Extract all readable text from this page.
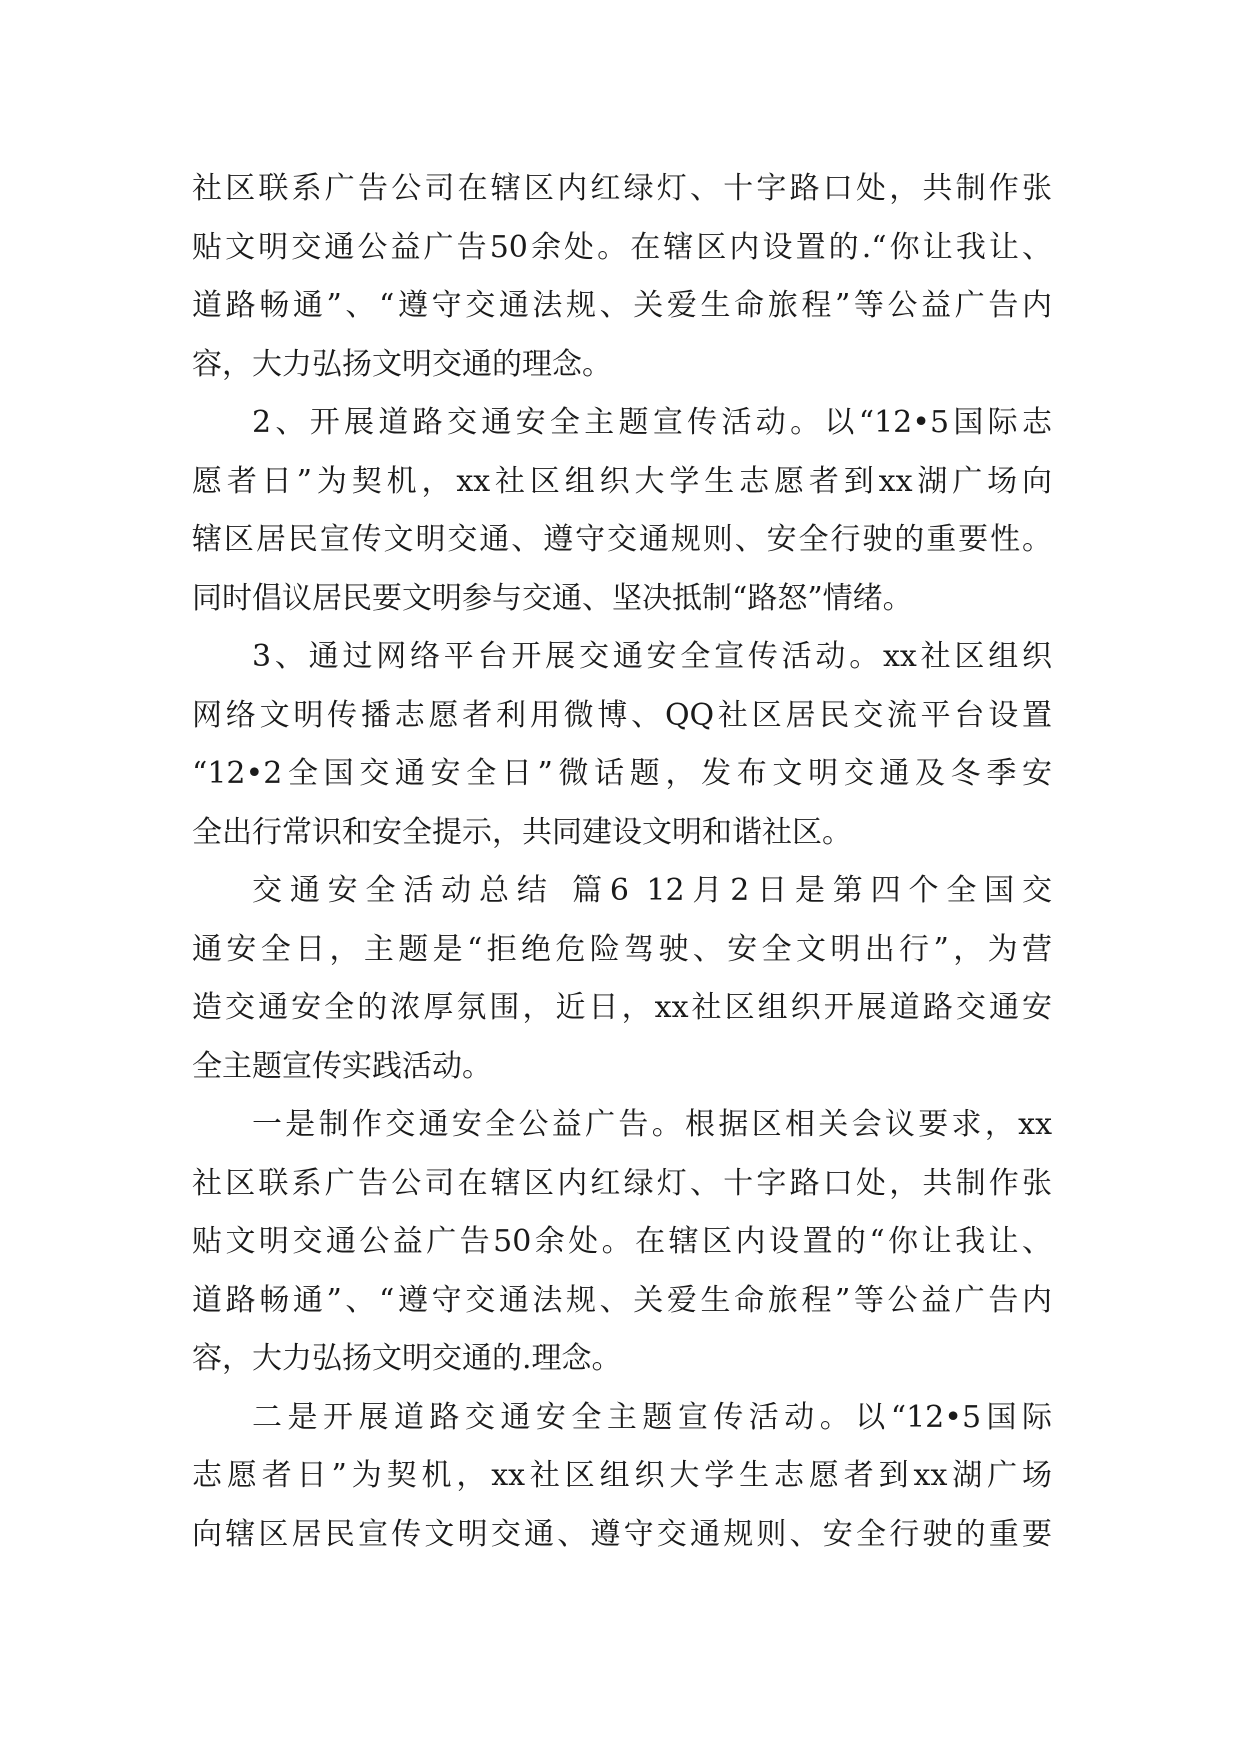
社区联系广告公司在辖区内红绿灯、十字路口处，共制作张
贴文明交通公益广告50余处。在辖区内设置的.“你让我让、
道路畅通”、“遵守交通法规、关爱生命旅程”等公益广告内
容，大力弘扬文明交通的理念。
2、开展道路交通安全主题宣传活动。以“12•5国际志
愿者日”为契机，xx社区组织大学生志愿者到xx湖广场向
辖区居民宣传文明交通、遵守交通规则、安全行驶的重要性。
同时倡议居民要文明参与交通、坚决抵制“路怒”情绪。
3、通过网络平台开展交通安全宣传活动。xx社区组织
网络文明传播志愿者利用微博、QQ社区居民交流平台设置
“12•2全国交通安全日”微话题，发布文明交通及冬季安
全出行常识和安全提示，共同建设文明和谐社区。
交通安全活动总结 篇6 12月2日是第四个全国交
通安全日，主题是“拒绝危险驾驶、安全文明出行”，为营
造交通安全的浓厚氛围，近日，xx社区组织开展道路交通安
全主题宣传实践活动。
一是制作交通安全公益广告。根据区相关会议要求，xx
社区联系广告公司在辖区内红绿灯、十字路口处，共制作张
贴文明交通公益广告50余处。在辖区内设置的“你让我让、
道路畅通”、“遵守交通法规、关爱生命旅程”等公益广告内
容，大力弘扬文明交通的.理念。
二是开展道路交通安全主题宣传活动。以“12•5国际
志愿者日”为契机，xx社区组织大学生志愿者到xx湖广场
向辖区居民宣传文明交通、遵守交通规则、安全行驶的重要
